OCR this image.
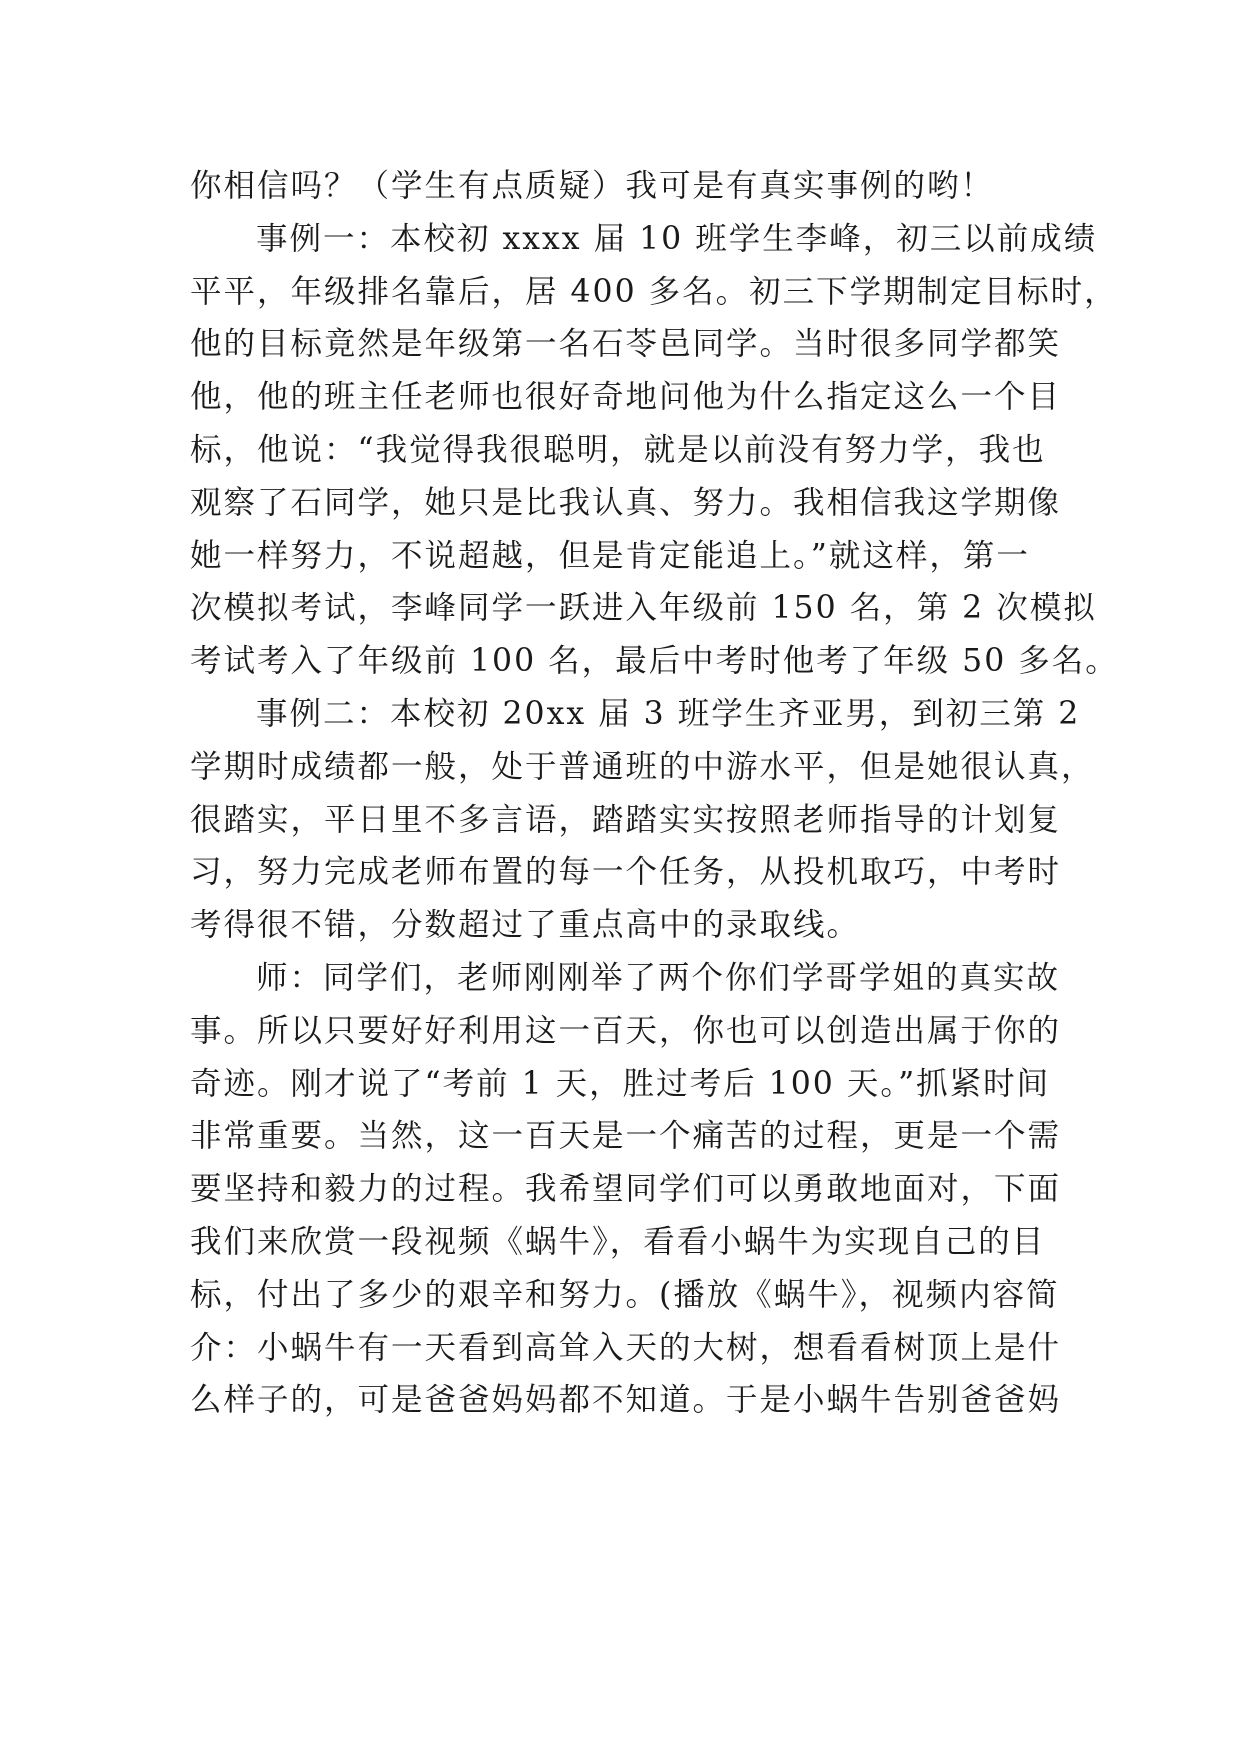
你相信吗？（学生有点质疑）我可是有真实事例的哟！
事例一：本校初 xxxx 届 10 班学生李峰，初三以前成绩
平平，年级排名靠后，居 400 多名。初三下学期制定目标时，
他的目标竟然是年级第一名石苓邑同学。当时很多同学都笑
他，他的班主任老师也很好奇地问他为什么指定这么一个目
标，他说：“我觉得我很聪明，就是以前没有努力学，我也
观察了石同学，她只是比我认真、努力。我相信我这学期像
她一样努力，不说超越，但是肯定能追上。”就这样，第一
次模拟考试，李峰同学一跃进入年级前 150 名，第 2 次模拟
考试考入了年级前 100 名，最后中考时他考了年级 50 多名。
事例二：本校初 20xx 届 3 班学生齐亚男，到初三第 2
学期时成绩都一般，处于普通班的中游水平，但是她很认真，
很踏实，平日里不多言语，踏踏实实按照老师指导的计划复
习，努力完成老师布置的每一个任务，从投机取巧，中考时
考得很不错，分数超过了重点高中的录取线。
师：同学们，老师刚刚举了两个你们学哥学姐的真实故
事。所以只要好好利用这一百天，你也可以创造出属于你的
奇迹。刚才说了“考前 1 天，胜过考后 100 天。”抓紧时间
非常重要。当然，这一百天是一个痛苦的过程，更是一个需
要坚持和毅力的过程。我希望同学们可以勇敢地面对，下面
我们来欣赏一段视频《蜗牛》，看看小蜗牛为实现自己的目
标，付出了多少的艰辛和努力。(播放《蜗牛》，视频内容简
介：小蜗牛有一天看到高耸入天的大树，想看看树顶上是什
么样子的，可是爸爸妈妈都不知道。于是小蜗牛告别爸爸妈
